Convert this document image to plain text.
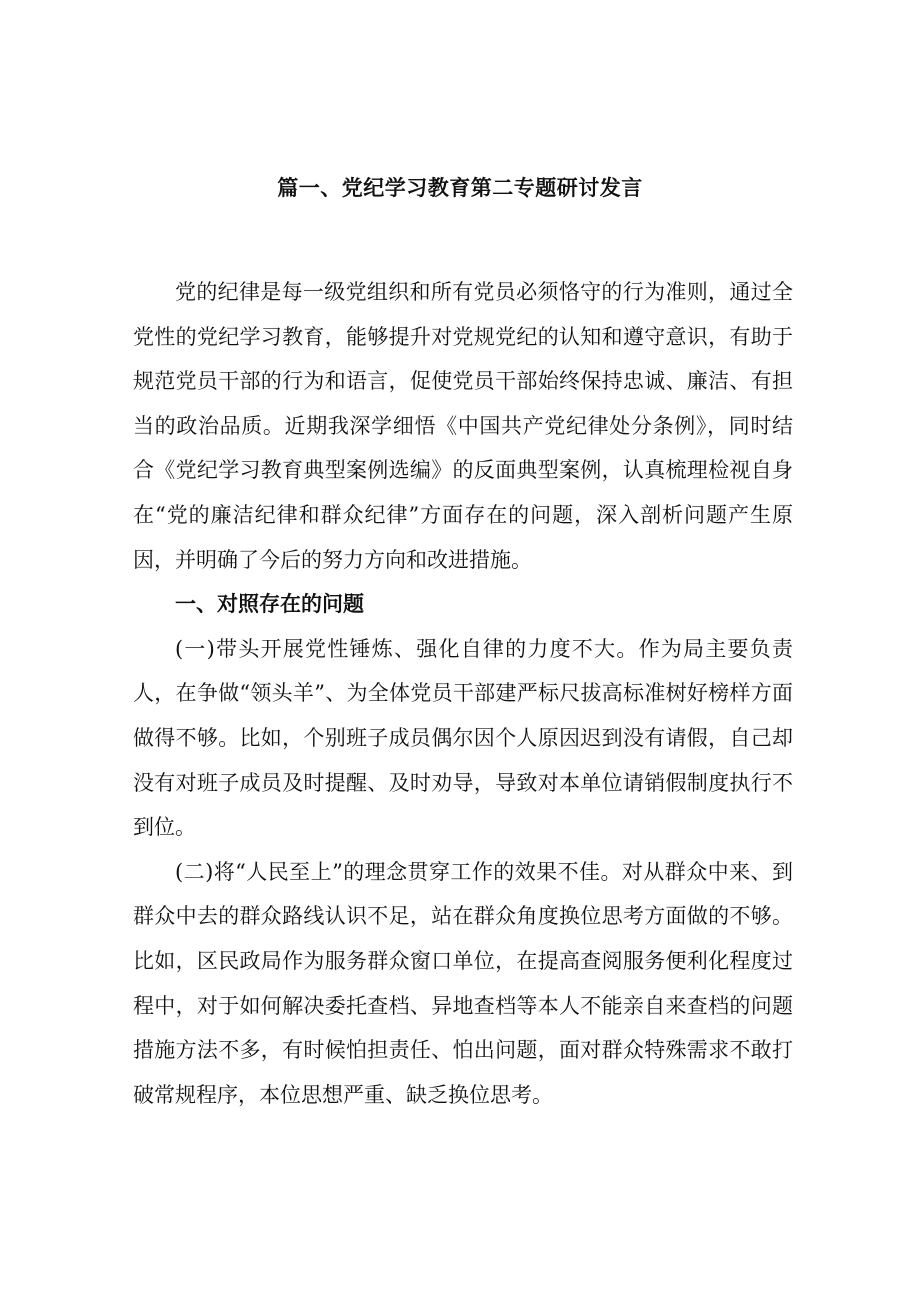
篇一、党纪学习教育第二专题研讨发言

党的纪律是每一级党组织和所有党员必须恪守的行为准则，通过全党性的党纪学习教育，能够提升对党规党纪的认知和遵守意识，有助于规范党员干部的行为和语言，促使党员干部始终保持忠诚、廉洁、有担当的政治品质。近期我深学细悟《中国共产党纪律处分条例》，同时结合《党纪学习教育典型案例选编》的反面典型案例，认真梳理检视自身在“党的廉洁纪律和群众纪律”方面存在的问题，深入剖析问题产生原因，并明确了今后的努力方向和改进措施。

一、对照存在的问题

(一)带头开展党性锤炼、强化自律的力度不大。作为局主要负责人，在争做“领头羊”、为全体党员干部建严标尺拔高标准树好榜样方面做得不够。比如，个别班子成员偶尔因个人原因迟到没有请假，自己却没有对班子成员及时提醒、及时劝导，导致对本单位请销假制度执行不到位。

(二)将“人民至上”的理念贯穿工作的效果不佳。对从群众中来、到群众中去的群众路线认识不足，站在群众角度换位思考方面做的不够。比如，区民政局作为服务群众窗口单位，在提高查阅服务便利化程度过程中，对于如何解决委托查档、异地查档等本人不能亲自来查档的问题措施方法不多，有时候怕担责任、怕出问题，面对群众特殊需求不敢打破常规程序，本位思想严重、缺乏换位思考。
